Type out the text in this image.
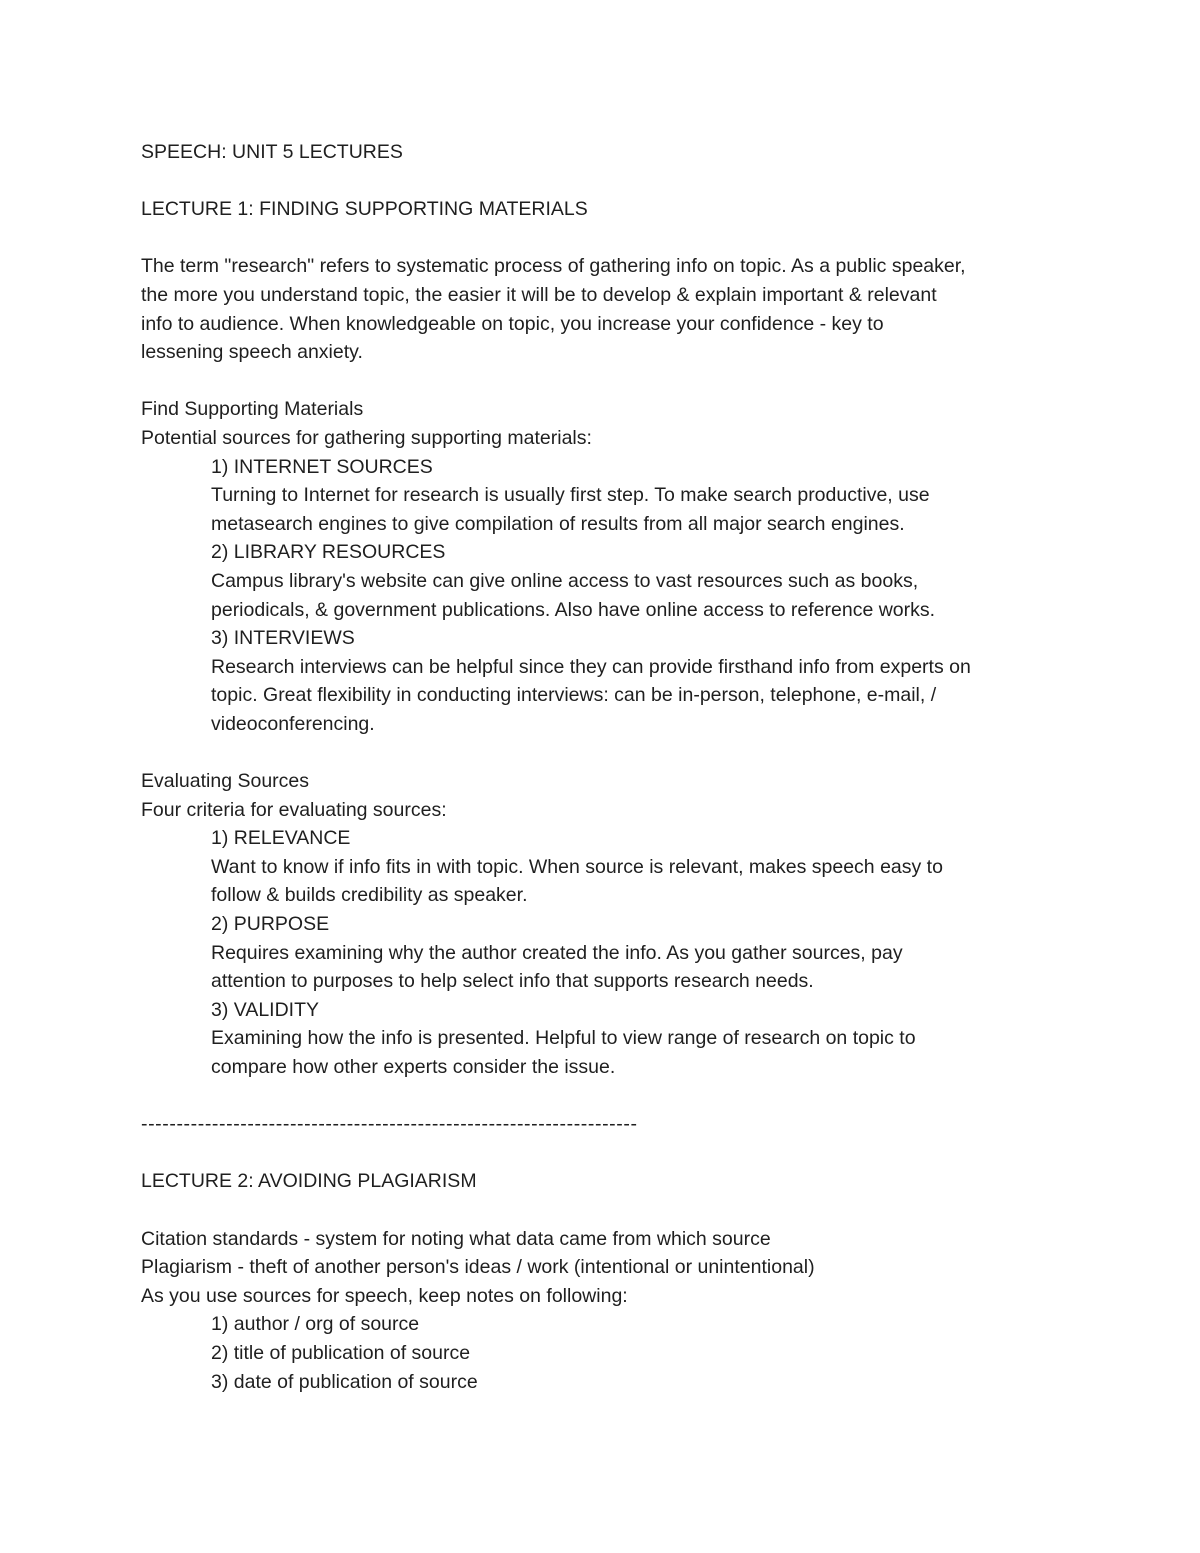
SPEECH: UNIT 5 LECTURES
LECTURE 1: FINDING SUPPORTING MATERIALS
The term "research" refers to systematic process of gathering info on topic. As a public speaker,
the more you understand topic, the easier it will be to develop & explain important & relevant
info to audience. When knowledgeable on topic, you increase your confidence - key to
lessening speech anxiety.
Find Supporting Materials
Potential sources for gathering supporting materials:
1) INTERNET SOURCES
Turning to Internet for research is usually first step. To make search productive, use
metasearch engines to give compilation of results from all major search engines.
2) LIBRARY RESOURCES
Campus library's website can give online access to vast resources such as books,
periodicals, & government publications. Also have online access to reference works.
3) INTERVIEWS
Research interviews can be helpful since they can provide firsthand info from experts on
topic. Great flexibility in conducting interviews: can be in-person, telephone, e-mail, /
videoconferencing.
Evaluating Sources
Four criteria for evaluating sources:
1) RELEVANCE
Want to know if info fits in with topic. When source is relevant, makes speech easy to
follow & builds credibility as speaker.
2) PURPOSE
Requires examining why the author created the info. As you gather sources, pay
attention to purposes to help select info that supports research needs.
3) VALIDITY
Examining how the info is presented. Helpful to view range of research on topic to
compare how other experts consider the issue.
----------------------------------------------------------------------
LECTURE 2: AVOIDING PLAGIARISM
Citation standards - system for noting what data came from which source
Plagiarism - theft of another person's ideas / work (intentional or unintentional)
As you use sources for speech, keep notes on following:
1) author / org of source
2) title of publication of source
3) date of publication of source
